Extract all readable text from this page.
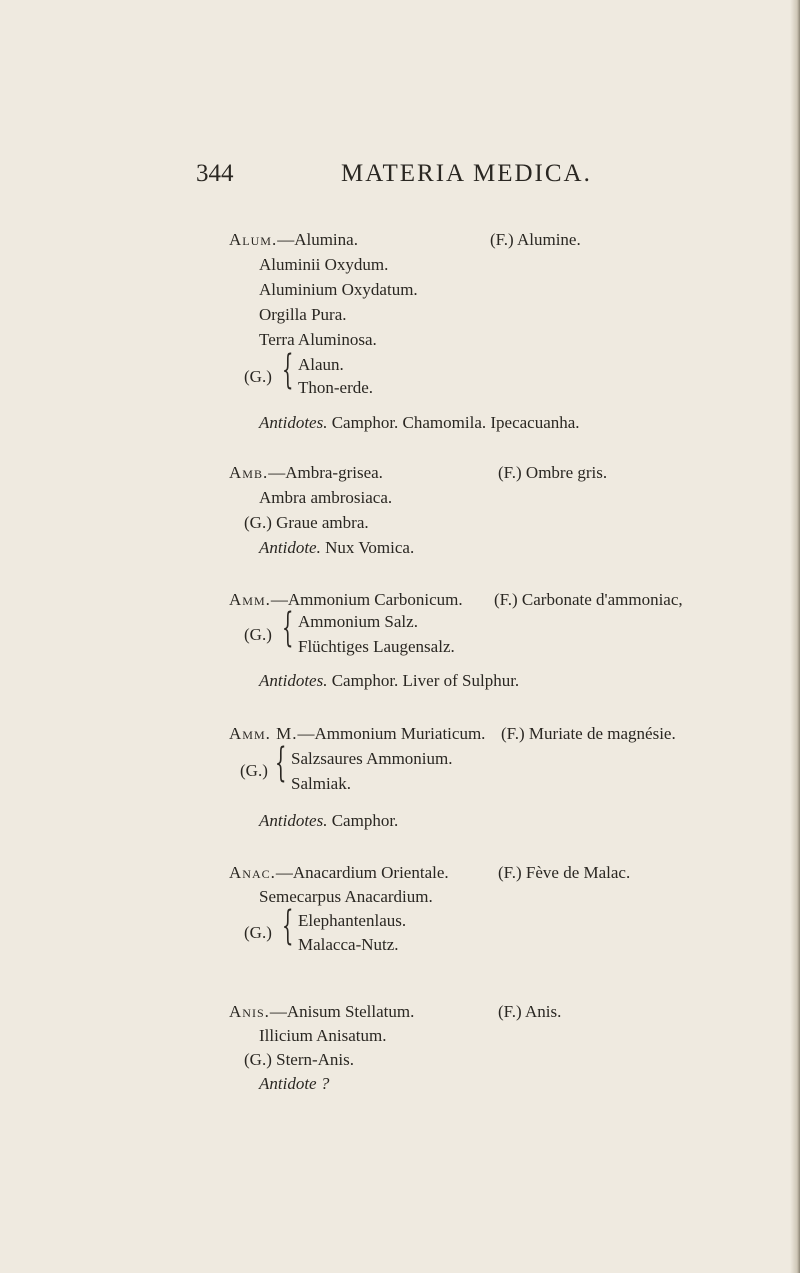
344	MATERIA MEDICA.
Alum.—Alumina.	(F.) Alumine.
Aluminii Oxydum.
Aluminium Oxydatum.
Orgilla Pura.
Terra Aluminosa.
(G.) { Alaun.
Thon-erde.
Antidotes. Camphor. Chamomila. Ipecacuanha.
Amb.—Ambra-grisea.	(F.) Ombre gris.
Ambra ambrosiaca.
(G.) Graue ambra.
Antidote. Nux Vomica.
Amm.—Ammonium Carbonicum. (F.) Carbonate d'ammoniac,
(G.) { Ammonium Salz.
Flüchtiges Laugensalz.
Antidotes. Camphor. Liver of Sulphur.
Amm. M.—Ammonium Muriaticum. (F.) Muriate de magnésie.
(G.) { Salzsaures Ammonium.
Salmiak.
Antidotes. Camphor.
Anac.—Anacardium Orientale.	(F.) Fève de Malac.
Semecarpus Anacardium.
(G.) { Elephantenlaus.
Malacca-Nutz.
Anis.—Anisum Stellatum.	(F.) Anis.
Illicium Anisatum.
(G.) Stern-Anis.
Antidote ?
